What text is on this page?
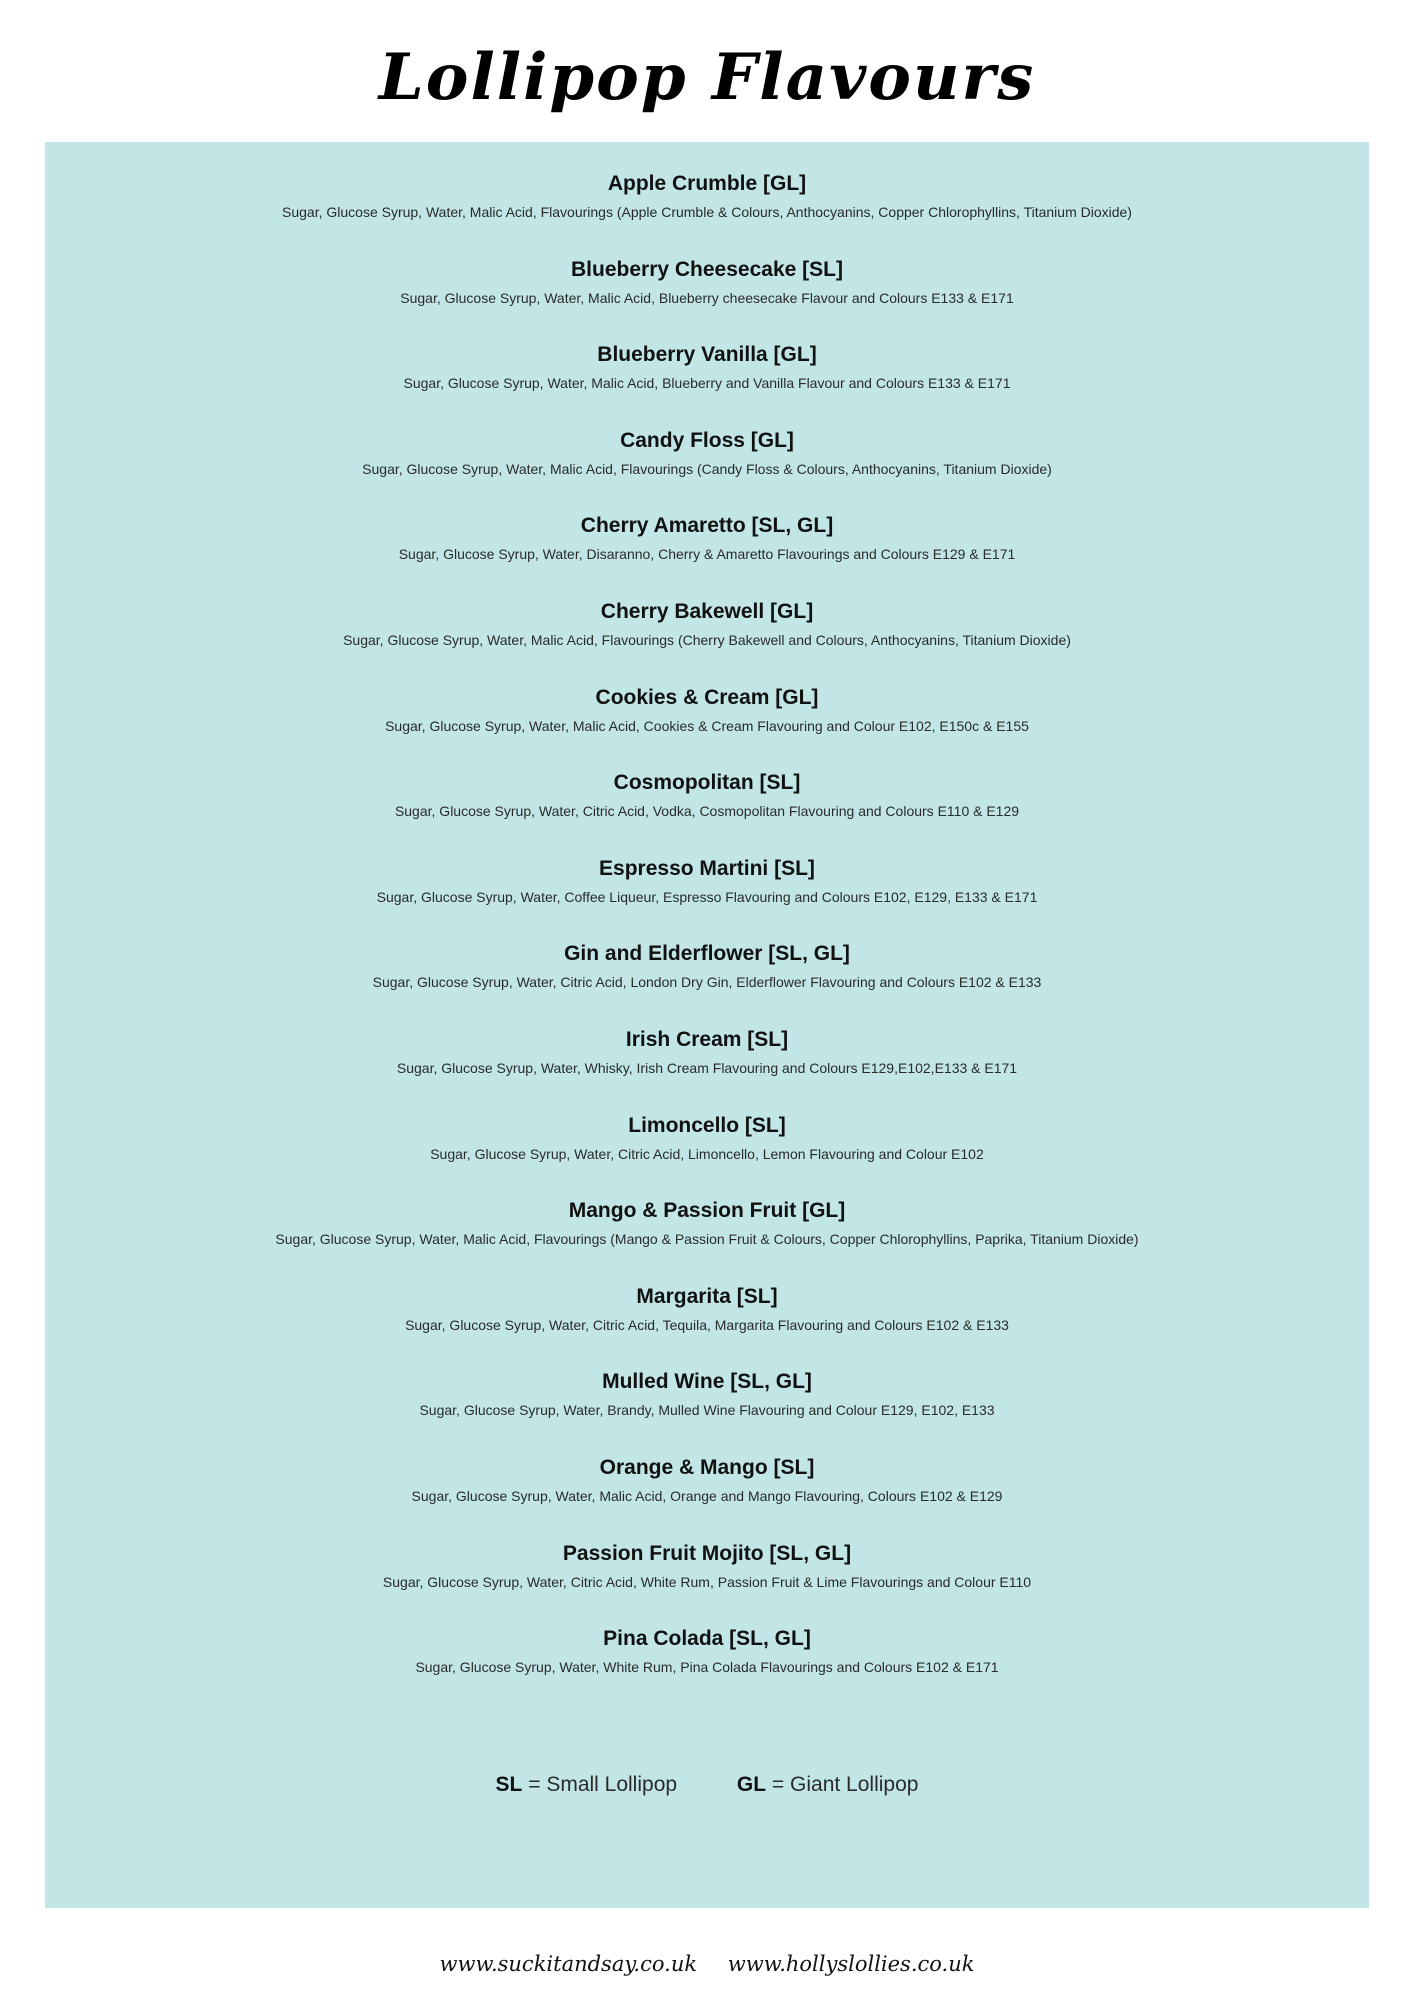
Lollipop Flavours
Apple Crumble [GL]
Sugar, Glucose Syrup, Water, Malic Acid, Flavourings (Apple Crumble & Colours, Anthocyanins, Copper Chlorophyllins, Titanium Dioxide)
Blueberry Cheesecake [SL]
Sugar, Glucose Syrup, Water, Malic Acid, Blueberry cheesecake Flavour and Colours E133 & E171
Blueberry Vanilla [GL]
Sugar, Glucose Syrup, Water, Malic Acid, Blueberry and Vanilla Flavour and Colours E133 & E171
Candy Floss [GL]
Sugar, Glucose Syrup, Water, Malic Acid, Flavourings (Candy Floss & Colours, Anthocyanins, Titanium Dioxide)
Cherry Amaretto [SL, GL]
Sugar, Glucose Syrup, Water, Disaranno, Cherry & Amaretto Flavourings and Colours E129 & E171
Cherry Bakewell [GL]
Sugar, Glucose Syrup, Water, Malic Acid, Flavourings (Cherry Bakewell and Colours, Anthocyanins, Titanium Dioxide)
Cookies & Cream [GL]
Sugar, Glucose Syrup, Water, Malic Acid, Cookies & Cream Flavouring and Colour E102, E150c & E155
Cosmopolitan [SL]
Sugar, Glucose Syrup, Water, Citric Acid, Vodka, Cosmopolitan Flavouring and Colours E110 & E129
Espresso Martini [SL]
Sugar, Glucose Syrup, Water, Coffee Liqueur, Espresso Flavouring and Colours E102, E129, E133 & E171
Gin and Elderflower [SL, GL]
Sugar, Glucose Syrup, Water, Citric Acid, London Dry Gin, Elderflower Flavouring and Colours E102 & E133
Irish Cream [SL]
Sugar, Glucose Syrup, Water, Whisky, Irish Cream Flavouring and Colours E129,E102,E133 & E171
Limoncello [SL]
Sugar, Glucose Syrup, Water, Citric Acid, Limoncello, Lemon Flavouring and Colour E102
Mango & Passion Fruit [GL]
Sugar, Glucose Syrup, Water, Malic Acid, Flavourings (Mango & Passion Fruit & Colours, Copper Chlorophyllins, Paprika, Titanium Dioxide)
Margarita [SL]
Sugar, Glucose Syrup, Water, Citric Acid, Tequila, Margarita Flavouring and Colours E102 & E133
Mulled Wine [SL, GL]
Sugar, Glucose Syrup, Water, Brandy, Mulled Wine Flavouring and Colour E129, E102, E133
Orange & Mango [SL]
Sugar, Glucose Syrup, Water, Malic Acid, Orange and Mango Flavouring, Colours E102 & E129
Passion Fruit Mojito [SL, GL]
Sugar, Glucose Syrup, Water, Citric Acid, White Rum, Passion Fruit & Lime Flavourings and Colour E110
Pina Colada [SL, GL]
Sugar, Glucose Syrup, Water, White Rum, Pina Colada Flavourings and Colours E102 & E171
SL = Small Lollipop	GL = Giant Lollipop
www.suckitandsay.co.uk www.hollyslollies.co.uk
